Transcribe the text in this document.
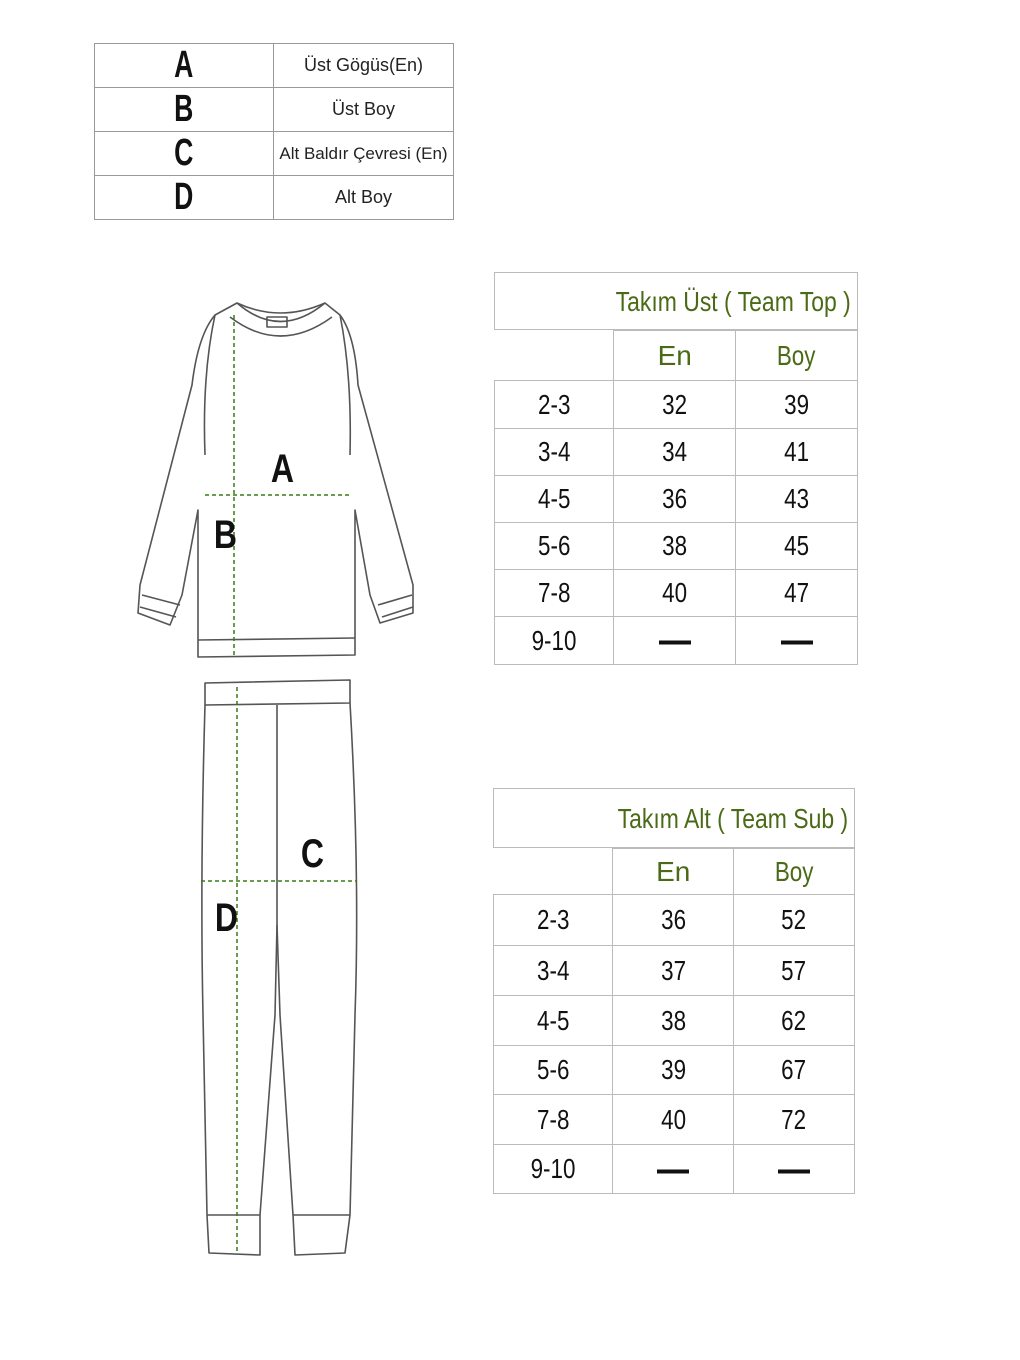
A	Üst Gögüs(En)
B	Üst Boy
C	Alt Baldır Çevresi (En)
D	Alt Boy
Takım Üst ( Team Top )
	En	Boy
2-3	32	39
3-4	34	41
4-5	36	43
5-6	38	45
7-8	40	47
9-10	—	—
Takım Alt ( Team Sub )
	En	Boy
2-3	36	52
3-4	37	57
4-5	38	62
5-6	39	67
7-8	40	72
9-10	—	—
A
B
C
D
